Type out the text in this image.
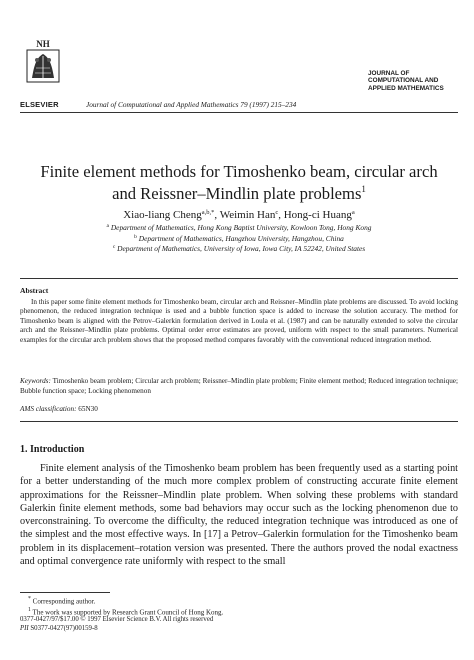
NH
ELSEVIER	Journal of Computational and Applied Mathematics 79 (1997) 215–234
JOURNAL OF
COMPUTATIONAL AND
APPLIED MATHEMATICS
Finite element methods for Timoshenko beam, circular arch
and Reissner–Mindlin plate problems$^1$
Xiao-liang Cheng$^{a,b,*}$, Weimin Han$^c$, Hong-ci Huang$^a$
$^a$ Department of Mathematics, Hong Kong Baptist University, Kowloon Tong, Hong Kong
$^b$ Department of Mathematics, Hangzhou University, Hangzhou, China
$^c$ Department of Mathematics, University of Iowa, Iowa City, IA 52242, United States
Abstract
In this paper some finite element methods for Timoshenko beam, circular arch and Reissner–Mindlin plate problems are discussed. To avoid locking phenomenon, the reduced integration technique is used and a bubble function space is added to increase the solution accuracy. The method for Timoshenko beam is aligned with the Petrov–Galerkin formulation derived in Loula et al. (1987) and can be naturally extended to solve the circular arch and the Reissner–Mindlin plate problems. Optimal order error estimates are proved, uniform with respect to the small parameters. Numerical examples for the circular arch problem shows that the proposed method compares favorably with the conventional reduced integration method.
Keywords: Timoshenko beam problem; Circular arch problem; Reissner–Mindlin plate problem; Finite element method; Reduced integration technique; Bubble function space; Locking phenomenon
AMS classification: 65N30
1. Introduction
Finite element analysis of the Timoshenko beam problem has been frequently used as a starting point for a better understanding of the much more complex problem of constructing accurate finite element approximations for the Reissner–Mindlin plate problem. When solving these problems with standard Galerkin finite element methods, some bad behaviors may occur such as the locking phenomenon due to overconstraining. To overcome the difficulty, the reduced integration technique was introduced as one of the simplest and the most effective ways. In [17] a Petrov–Galerkin formulation for the Timoshenko beam problem in its displacement–rotation version was presented. There the authors proved the nodal exactness and optimal convergence rate uniformly with respect to the small
* Corresponding author.
$^1$ The work was supported by Research Grant Council of Hong Kong.
0377-0427/97/$17.00 © 1997 Elsevier Science B.V. All rights reserved
PII S0377-0427(97)00159-8
